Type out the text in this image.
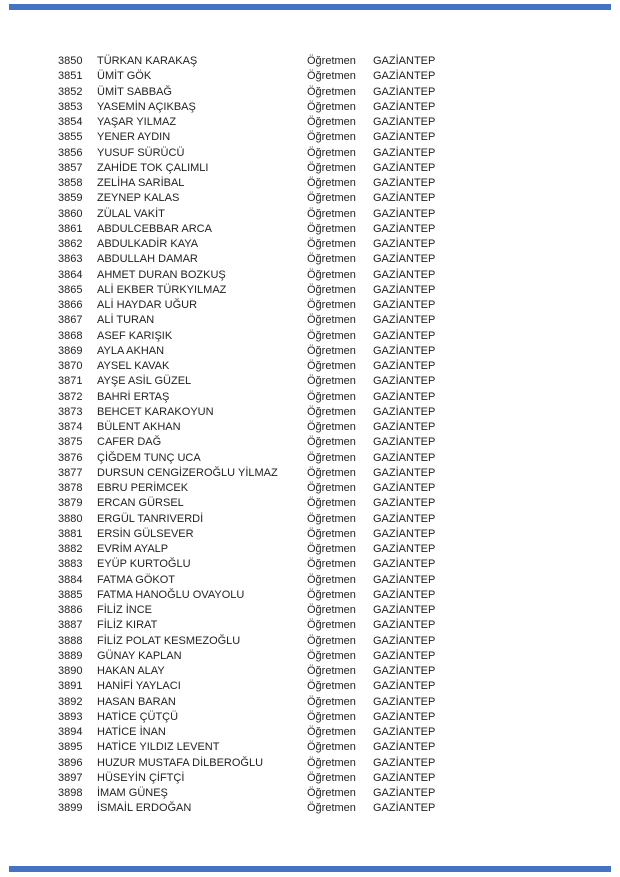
3850	TÜRKAN KARAKAŞ	Öğretmen	GAZİANTEP
3851	ÜMİT GÖK	Öğretmen	GAZİANTEP
3852	ÜMİT SABBAĞ	Öğretmen	GAZİANTEP
3853	YASEMİN AÇIKBAŞ	Öğretmen	GAZİANTEP
3854	YAŞAR YILMAZ	Öğretmen	GAZİANTEP
3855	YENER AYDIN	Öğretmen	GAZİANTEP
3856	YUSUF SÜRÜCÜ	Öğretmen	GAZİANTEP
3857	ZAHİDE TOK ÇALIMLI	Öğretmen	GAZİANTEP
3858	ZELİHA SARİBAL	Öğretmen	GAZİANTEP
3859	ZEYNEP KALAS	Öğretmen	GAZİANTEP
3860	ZÜLAL VAKİT	Öğretmen	GAZİANTEP
3861	ABDULCEBBAR ARCA	Öğretmen	GAZİANTEP
3862	ABDULKADİR KAYA	Öğretmen	GAZİANTEP
3863	ABDULLAH DAMAR	Öğretmen	GAZİANTEP
3864	AHMET DURAN BOZKUŞ	Öğretmen	GAZİANTEP
3865	ALİ EKBER TÜRKYILMAZ	Öğretmen	GAZİANTEP
3866	ALİ HAYDAR UĞUR	Öğretmen	GAZİANTEP
3867	ALİ TURAN	Öğretmen	GAZİANTEP
3868	ASEF KARIŞIK	Öğretmen	GAZİANTEP
3869	AYLA AKHAN	Öğretmen	GAZİANTEP
3870	AYSEL KAVAK	Öğretmen	GAZİANTEP
3871	AYŞE ASİL GÜZEL	Öğretmen	GAZİANTEP
3872	BAHRİ ERTAŞ	Öğretmen	GAZİANTEP
3873	BEHCET KARAKOYUN	Öğretmen	GAZİANTEP
3874	BÜLENT AKHAN	Öğretmen	GAZİANTEP
3875	CAFER DAĞ	Öğretmen	GAZİANTEP
3876	ÇİĞDEM TUNÇ UCA	Öğretmen	GAZİANTEP
3877	DURSUN CENGİZEROĞLU YİLMAZ	Öğretmen	GAZİANTEP
3878	EBRU PERİMCEK	Öğretmen	GAZİANTEP
3879	ERCAN GÜRSEL	Öğretmen	GAZİANTEP
3880	ERGÜL TANRIVERDİ	Öğretmen	GAZİANTEP
3881	ERSİN GÜLSEVER	Öğretmen	GAZİANTEP
3882	EVRİM AYALP	Öğretmen	GAZİANTEP
3883	EYÜP KURTOĞLU	Öğretmen	GAZİANTEP
3884	FATMA GÖKOT	Öğretmen	GAZİANTEP
3885	FATMA HANOĞLU OVAYOLU	Öğretmen	GAZİANTEP
3886	FİLİZ İNCE	Öğretmen	GAZİANTEP
3887	FİLİZ KIRAT	Öğretmen	GAZİANTEP
3888	FİLİZ POLAT KESMEZOĞLU	Öğretmen	GAZİANTEP
3889	GÜNAY KAPLAN	Öğretmen	GAZİANTEP
3890	HAKAN ALAY	Öğretmen	GAZİANTEP
3891	HANİFİ YAYLACI	Öğretmen	GAZİANTEP
3892	HASAN BARAN	Öğretmen	GAZİANTEP
3893	HATİCE ÇÜTÇÜ	Öğretmen	GAZİANTEP
3894	HATİCE İNAN	Öğretmen	GAZİANTEP
3895	HATİCE YILDIZ LEVENT	Öğretmen	GAZİANTEP
3896	HUZUR MUSTAFA DİLBEROĞLU	Öğretmen	GAZİANTEP
3897	HÜSEYİN ÇİFTÇİ	Öğretmen	GAZİANTEP
3898	İMAM GÜNEŞ	Öğretmen	GAZİANTEP
3899	İSMAİL ERDOĞAN	Öğretmen	GAZİANTEP
